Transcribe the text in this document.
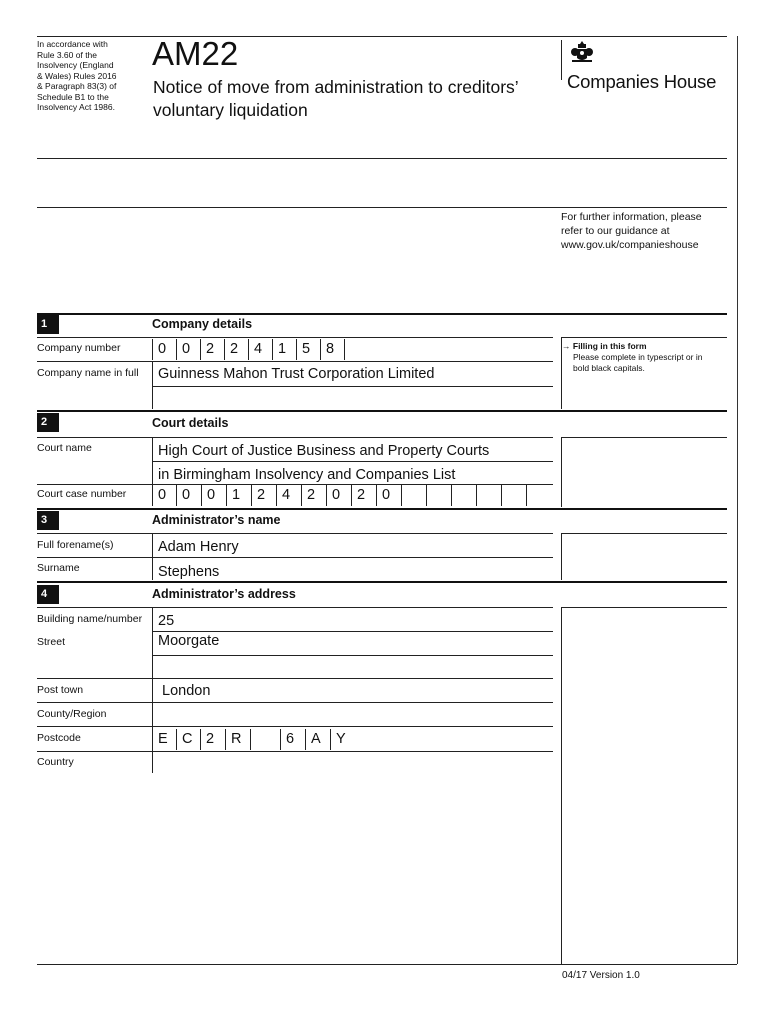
In accordance with
Rule 3.60 of the
Insolvency (England
& Wales) Rules 2016
& Paragraph 83(3) of
Schedule B1 to the
Insolvency Act 1986.
AM22
Notice of move from administration to creditors’
voluntary liquidation
Companies House
For further information, please
refer to our guidance at
www.gov.uk/companieshouse
1	Company details
Company number	0	0	2	2	4	1	5	8
Company name in full Guinness Mahon Trust Corporation Limited
→ Filling in this form
Please complete in typescript or in
bold black capitals.
2	Court details
Court name	High Court of Justice Business and Property Courts
in Birmingham Insolvency and Companies List
Court case number	0	0	0	1	2	4	2	0	2	0
3	Administrator’s name
Full forename(s)	Adam Henry
Surname	Stephens
4	Administrator’s address
Building name/number 25
Street	Moorgate
Post town	London
County/Region
Postcode	E C 2	R	6	A	Y
Country
04/17 Version 1.0
